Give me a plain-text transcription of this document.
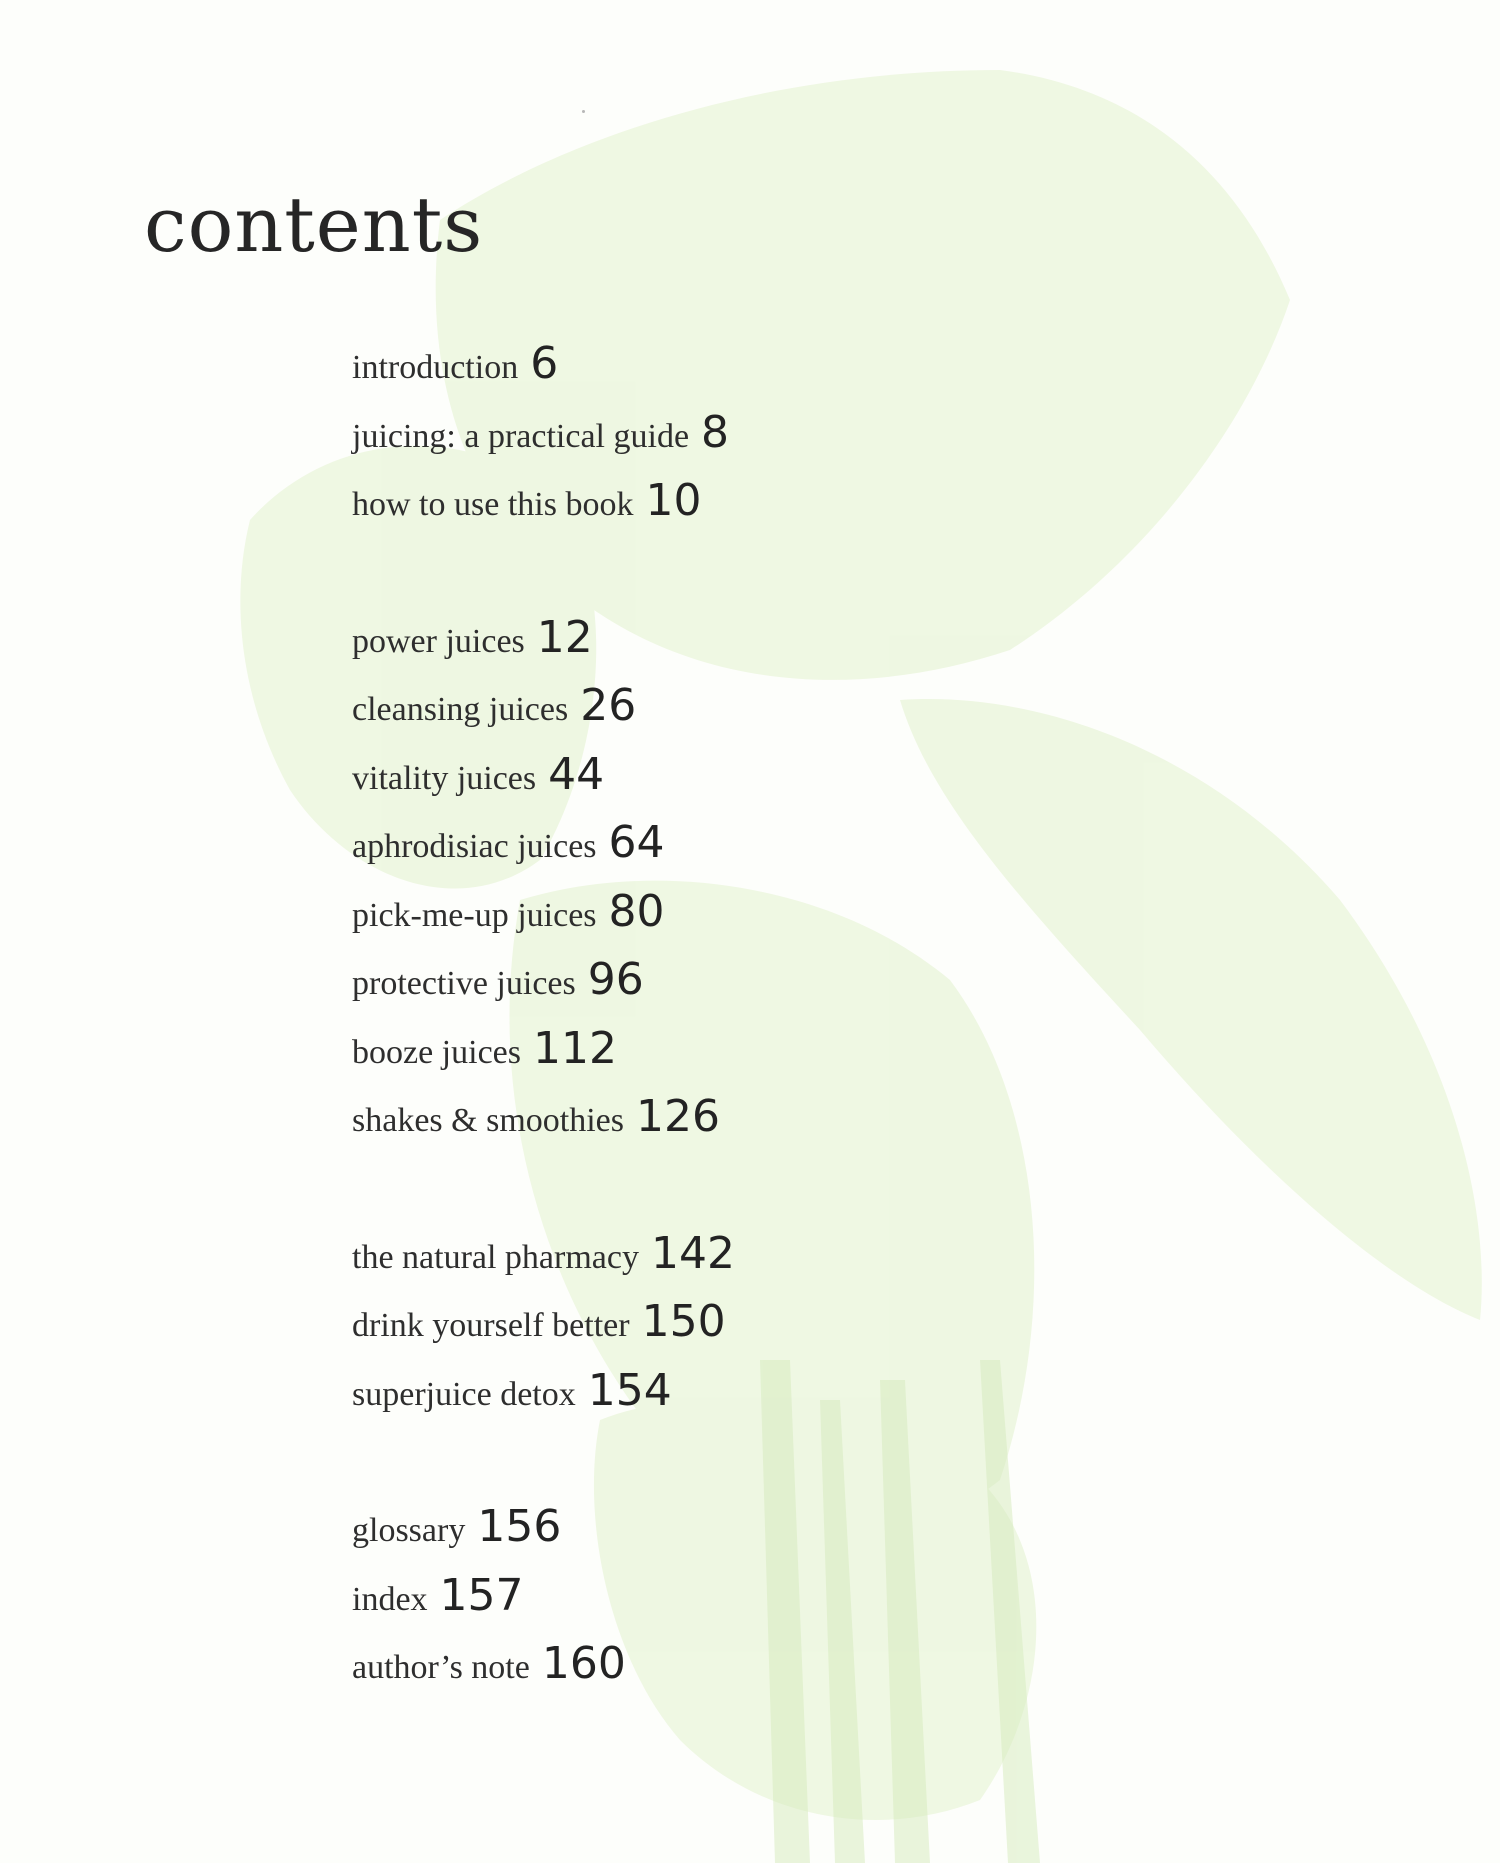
contents
introduction 6
juicing: a practical guide 8
how to use this book 10
power juices 12
cleansing juices 26
vitality juices 44
aphrodisiac juices 64
pick-me-up juices 80
protective juices 96
booze juices 112
shakes & smoothies 126
the natural pharmacy 142
drink yourself better 150
superjuice detox 154
glossary 156
index 157
author’s note 160
